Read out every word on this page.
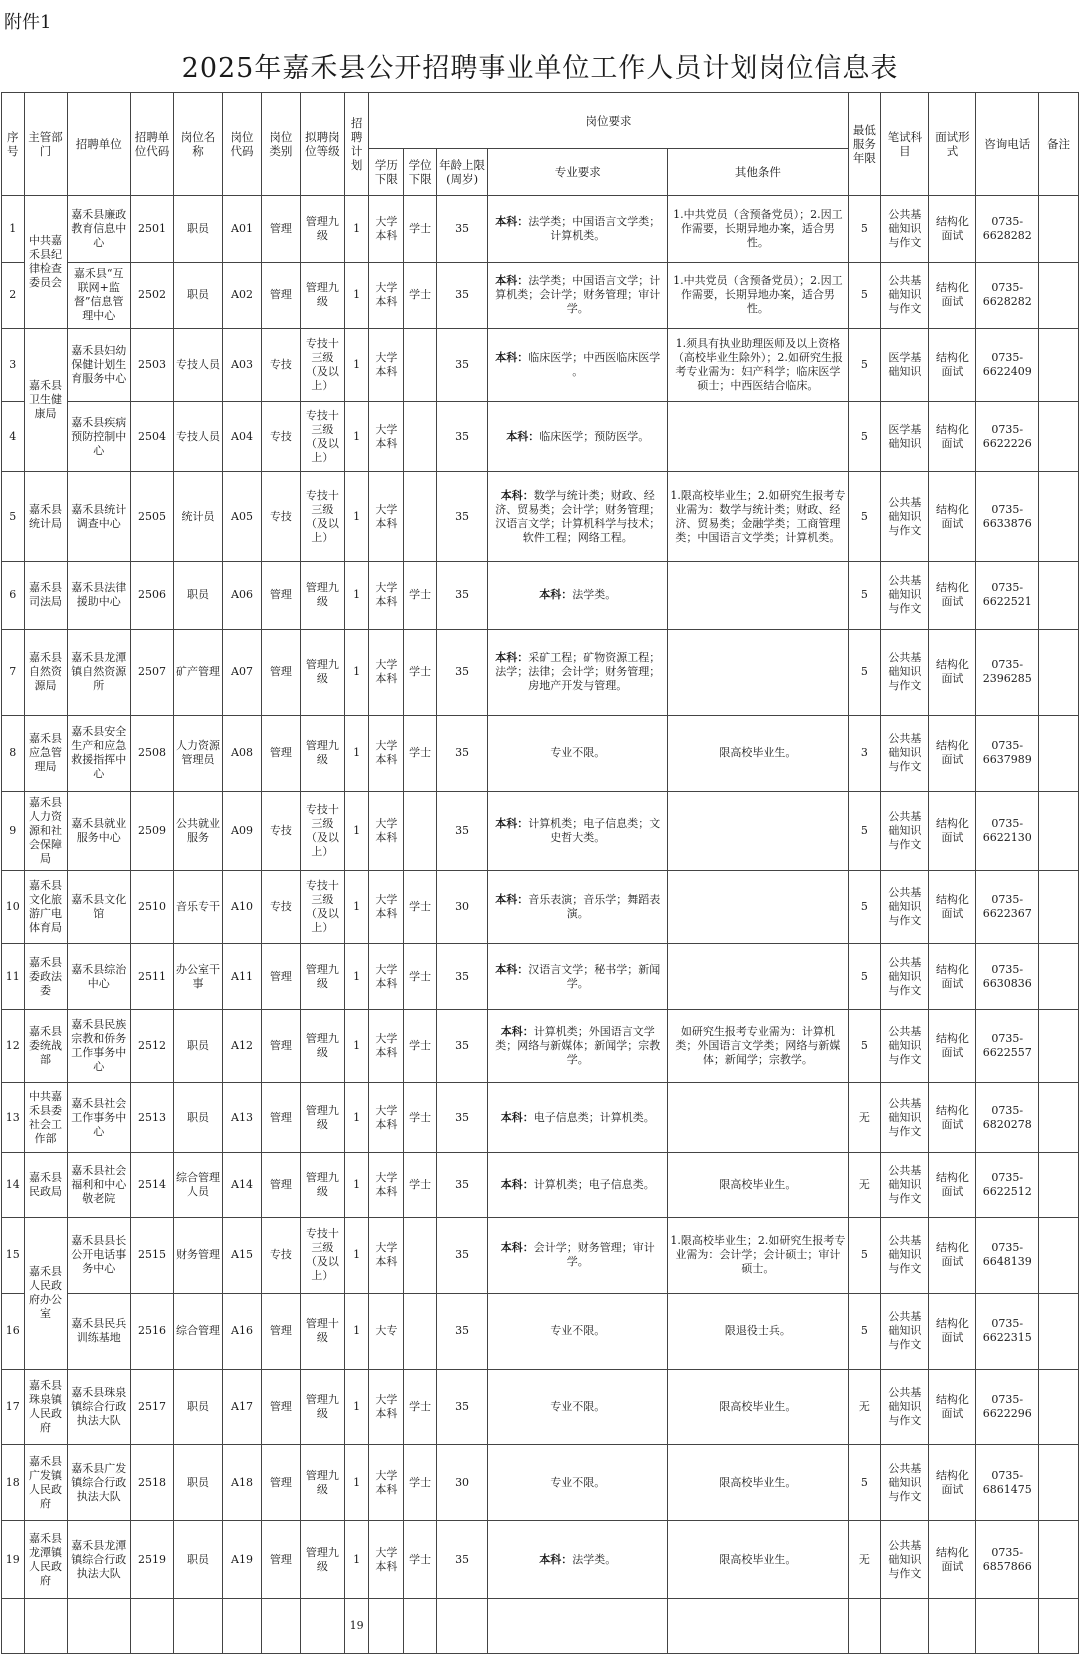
附件1
2025年嘉禾县公开招聘事业单位工作人员计划岗位信息表
序号	主管部门	招聘单位	招聘单位代码	岗位名称	岗位代码	岗位类别	拟聘岗位等级	招聘计划	岗位要求					最低服务年限	笔试科目	面试形式	咨询电话	备注
									学历下限	学位下限	年龄上限(周岁)	专业要求	其他条件					
1	中共嘉禾县纪律检查委员会	嘉禾县廉政教育信息中心	2501	职员	A01	管理	管理九级	1	大学本科	学士	35	本科：法学类；中国语言文学类；计算机类。	1.中共党员（含预备党员）；2.因工作需要，长期异地办案，适合男性。	5	公共基础知识与作文	结构化面试	0735-6628282	
2		嘉禾县“互联网+监督”信息管理中心	2502	职员	A02	管理	管理九级	1	大学本科	学士	35	本科：法学类；中国语言文学；计算机类；会计学；财务管理；审计学。	1.中共党员（含预备党员）；2.因工作需要，长期异地办案，适合男性。	5	公共基础知识与作文	结构化面试	0735-6628282	
3	嘉禾县卫生健康局	嘉禾县妇幼保健计划生育服务中心	2503	专技人员	A03	专技	专技十三级（及以上）	1	大学本科		35	本科：临床医学；中西医临床医学 。	1.须具有执业助理医师及以上资格（高校毕业生除外）；2.如研究生报考专业需为：妇产科学；临床医学硕士；中西医结合临床。	5	医学基础知识	结构化面试	0735-6622409	
4		嘉禾县疾病预防控制中心	2504	专技人员	A04	专技	专技十三级（及以上）	1	大学本科		35	本科：临床医学；预防医学。		5	医学基础知识	结构化面试	0735-6622226	
5	嘉禾县统计局	嘉禾县统计调查中心	2505	统计员	A05	专技	专技十三级（及以上）	1	大学本科		35	本科：数学与统计类；财政、经济、贸易类；会计学；财务管理；汉语言文学；计算机科学与技术；软件工程；网络工程。	1.限高校毕业生；2.如研究生报考专业需为：数学与统计类；财政、经济、贸易类；金融学类；工商管理类；中国语言文学类；计算机类。	5	公共基础知识与作文	结构化面试	0735-6633876	
6	嘉禾县司法局	嘉禾县法律援助中心	2506	职员	A06	管理	管理九级	1	大学本科	学士	35	本科：法学类。		5	公共基础知识与作文	结构化面试	0735-6622521	
7	嘉禾县自然资源局	嘉禾县龙潭镇自然资源所	2507	矿产管理	A07	管理	管理九级	1	大学本科	学士	35	本科：采矿工程；矿物资源工程；法学；法律；会计学；财务管理；房地产开发与管理。		5	公共基础知识与作文	结构化面试	0735-2396285	
8	嘉禾县应急管理局	嘉禾县安全生产和应急救援指挥中心	2508	人力资源管理员	A08	管理	管理九级	1	大学本科	学士	35	专业不限。	限高校毕业生。	3	公共基础知识与作文	结构化面试	0735-6637989	
9	嘉禾县人力资源和社会保障局	嘉禾县就业服务中心	2509	公共就业服务	A09	专技	专技十三级（及以上）	1	大学本科		35	本科：计算机类；电子信息类；文史哲大类。		5	公共基础知识与作文	结构化面试	0735-6622130	
10	嘉禾县文化旅游广电体育局	嘉禾县文化馆	2510	音乐专干	A10	专技	专技十三级（及以上）	1	大学本科	学士	30	本科：音乐表演；音乐学；舞蹈表演。		5	公共基础知识与作文	结构化面试	0735-6622367	
11	嘉禾县委政法委	嘉禾县综治中心	2511	办公室干事	A11	管理	管理九级	1	大学本科	学士	35	本科：汉语言文学；秘书学；新闻学。		5	公共基础知识与作文	结构化面试	0735-6630836	
12	嘉禾县委统战部	嘉禾县民族宗教和侨务工作事务中心	2512	职员	A12	管理	管理九级	1	大学本科	学士	35	本科：计算机类；外国语言文学类；网络与新媒体；新闻学；宗教学。	如研究生报考专业需为：计算机类；外国语言文学类；网络与新媒体；新闻学；宗教学。	5	公共基础知识与作文	结构化面试	0735-6622557	
13	中共嘉禾县委社会工作部	嘉禾县社会工作事务中心	2513	职员	A13	管理	管理九级	1	大学本科	学士	35	本科：电子信息类；计算机类。		无	公共基础知识与作文	结构化面试	0735-6820278	
14	嘉禾县民政局	嘉禾县社会福利和中心敬老院	2514	综合管理人员	A14	管理	管理九级	1	大学本科	学士	35	本科：计算机类；电子信息类。	限高校毕业生。	无	公共基础知识与作文	结构化面试	0735-6622512	
15	嘉禾县人民政府办公室	嘉禾县县长公开电话事务中心	2515	财务管理	A15	专技	专技十三级（及以上）	1	大学本科		35	本科：会计学；财务管理；审计学。	1.限高校毕业生；2.如研究生报考专业需为：会计学；会计硕士；审计硕士。	5	公共基础知识与作文	结构化面试	0735-6648139	
16		嘉禾县民兵训练基地	2516	综合管理	A16	管理	管理十级	1	大专		35	专业不限。	限退役士兵。	5	公共基础知识与作文	结构化面试	0735-6622315	
17	嘉禾县珠泉镇人民政府	嘉禾县珠泉镇综合行政执法大队	2517	职员	A17	管理	管理九级	1	大学本科	学士	35	专业不限。	限高校毕业生。	无	公共基础知识与作文	结构化面试	0735-6622296	
18	嘉禾县广发镇人民政府	嘉禾县广发镇综合行政执法大队	2518	职员	A18	管理	管理九级	1	大学本科	学士	30	专业不限。	限高校毕业生。	5	公共基础知识与作文	结构化面试	0735-6861475	
19	嘉禾县龙潭镇人民政府	嘉禾县龙潭镇综合行政执法大队	2519	职员	A19	管理	管理九级	1	大学本科	学士	35	本科：法学类。	限高校毕业生。	无	公共基础知识与作文	结构化面试	0735-6857866	
								19										
